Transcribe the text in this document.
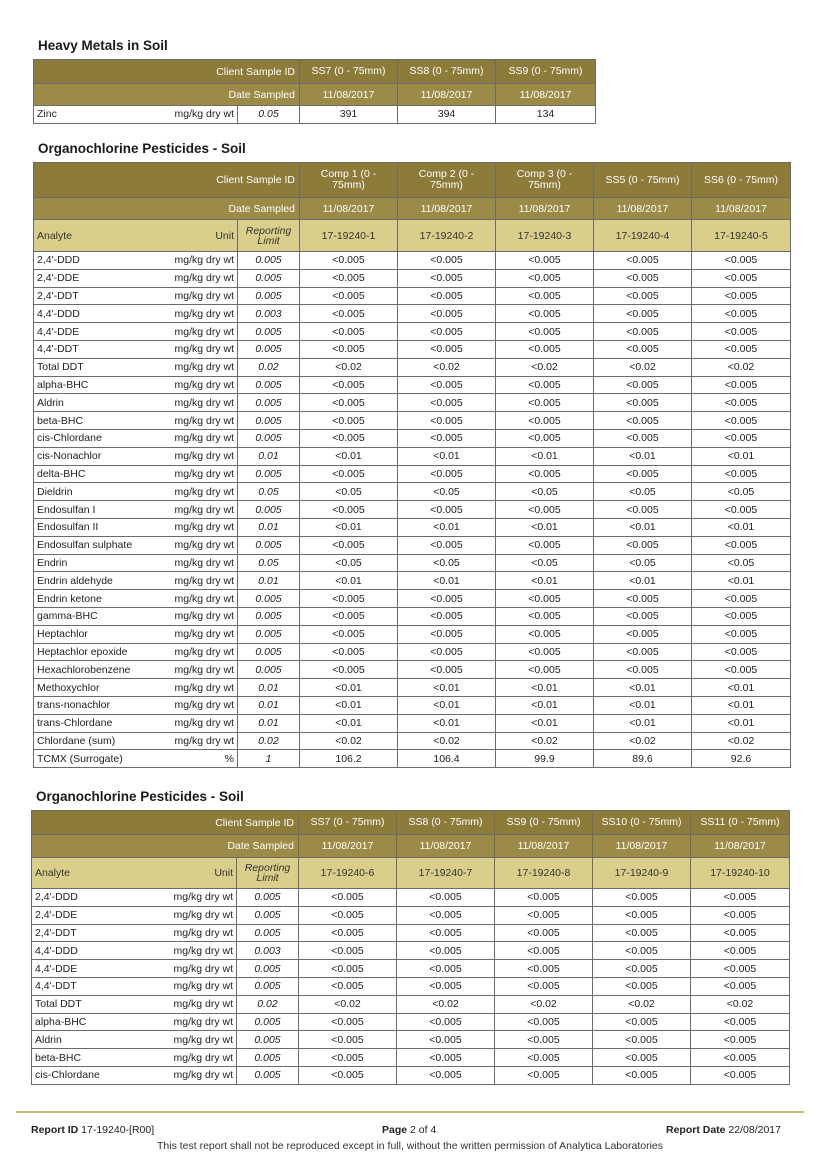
Heavy Metals in Soil
Client Sample ID		SS7 (0 - 75mm)	SS8 (0 - 75mm)	SS9 (0 - 75mm)
Date Sampled		11/08/2017	11/08/2017	11/08/2017

Zinc mg/kg dry wt	0.05	391	394	134
Organochlorine Pesticides - Soil
Client Sample ID		Comp 1 (0 - 75mm)	Comp 2 (0 - 75mm)	Comp 3 (0 - 75mm)	SS5 (0 - 75mm)	SS6 (0 - 75mm)
Date Sampled		11/08/2017	11/08/2017	11/08/2017	11/08/2017	11/08/2017

Analyte Unit	Reporting Limit	17-19240-1	17-19240-2	17-19240-3	17-19240-4	17-19240-5

2,4'-DDD mg/kg dry wt	0.005	<0.005	<0.005	<0.005	<0.005	<0.005

2,4'-DDE mg/kg dry wt	0.005	<0.005	<0.005	<0.005	<0.005	<0.005

2,4'-DDT mg/kg dry wt	0.005	<0.005	<0.005	<0.005	<0.005	<0.005

4,4'-DDD mg/kg dry wt	0.003	<0.005	<0.005	<0.005	<0.005	<0.005

4,4'-DDE mg/kg dry wt	0.005	<0.005	<0.005	<0.005	<0.005	<0.005

4,4'-DDT mg/kg dry wt	0.005	<0.005	<0.005	<0.005	<0.005	<0.005

Total DDT mg/kg dry wt	0.02	<0.02	<0.02	<0.02	<0.02	<0.02

alpha-BHC mg/kg dry wt	0.005	<0.005	<0.005	<0.005	<0.005	<0.005

Aldrin mg/kg dry wt	0.005	<0.005	<0.005	<0.005	<0.005	<0.005

beta-BHC mg/kg dry wt	0.005	<0.005	<0.005	<0.005	<0.005	<0.005

cis-Chlordane mg/kg dry wt	0.005	<0.005	<0.005	<0.005	<0.005	<0.005

cis-Nonachlor mg/kg dry wt	0.01	<0.01	<0.01	<0.01	<0.01	<0.01

delta-BHC mg/kg dry wt	0.005	<0.005	<0.005	<0.005	<0.005	<0.005

Dieldrin mg/kg dry wt	0.05	<0.05	<0.05	<0.05	<0.05	<0.05

Endosulfan I mg/kg dry wt	0.005	<0.005	<0.005	<0.005	<0.005	<0.005

Endosulfan II mg/kg dry wt	0.01	<0.01	<0.01	<0.01	<0.01	<0.01

Endosulfan sulphate mg/kg dry wt	0.005	<0.005	<0.005	<0.005	<0.005	<0.005

Endrin mg/kg dry wt	0.05	<0.05	<0.05	<0.05	<0.05	<0.05

Endrin aldehyde mg/kg dry wt	0.01	<0.01	<0.01	<0.01	<0.01	<0.01

Endrin ketone mg/kg dry wt	0.005	<0.005	<0.005	<0.005	<0.005	<0.005

gamma-BHC mg/kg dry wt	0.005	<0.005	<0.005	<0.005	<0.005	<0.005

Heptachlor mg/kg dry wt	0.005	<0.005	<0.005	<0.005	<0.005	<0.005

Heptachlor epoxide mg/kg dry wt	0.005	<0.005	<0.005	<0.005	<0.005	<0.005

Hexachlorobenzene mg/kg dry wt	0.005	<0.005	<0.005	<0.005	<0.005	<0.005

Methoxychlor mg/kg dry wt	0.01	<0.01	<0.01	<0.01	<0.01	<0.01

trans-nonachlor mg/kg dry wt	0.01	<0.01	<0.01	<0.01	<0.01	<0.01

trans-Chlordane mg/kg dry wt	0.01	<0.01	<0.01	<0.01	<0.01	<0.01

Chlordane (sum) mg/kg dry wt	0.02	<0.02	<0.02	<0.02	<0.02	<0.02

TCMX (Surrogate) %	1	106.2	106.4	99.9	89.6	92.6
Organochlorine Pesticides - Soil
Client Sample ID		SS7 (0 - 75mm)	SS8 (0 - 75mm)	SS9 (0 - 75mm)	SS10 (0 - 75mm)	SS11 (0 - 75mm)
Date Sampled		11/08/2017	11/08/2017	11/08/2017	11/08/2017	11/08/2017

Analyte Unit	Reporting Limit	17-19240-6	17-19240-7	17-19240-8	17-19240-9	17-19240-10

2,4'-DDD mg/kg dry wt	0.005	<0.005	<0.005	<0.005	<0.005	<0.005

2,4'-DDE mg/kg dry wt	0.005	<0.005	<0.005	<0.005	<0.005	<0.005

2,4'-DDT mg/kg dry wt	0.005	<0.005	<0.005	<0.005	<0.005	<0.005

4,4'-DDD mg/kg dry wt	0.003	<0.005	<0.005	<0.005	<0.005	<0.005

4,4'-DDE mg/kg dry wt	0.005	<0.005	<0.005	<0.005	<0.005	<0.005

4,4'-DDT mg/kg dry wt	0.005	<0.005	<0.005	<0.005	<0.005	<0.005

Total DDT mg/kg dry wt	0.02	<0.02	<0.02	<0.02	<0.02	<0.02

alpha-BHC mg/kg dry wt	0.005	<0.005	<0.005	<0.005	<0.005	<0.005

Aldrin mg/kg dry wt	0.005	<0.005	<0.005	<0.005	<0.005	<0.005

beta-BHC mg/kg dry wt	0.005	<0.005	<0.005	<0.005	<0.005	<0.005

cis-Chlordane mg/kg dry wt	0.005	<0.005	<0.005	<0.005	<0.005	<0.005
Report ID 17-19240-[R00]	Page 2 of 4	Report Date 22/08/2017
This test report shall not be reproduced except in full, without the written permission of Analytica Laboratories
